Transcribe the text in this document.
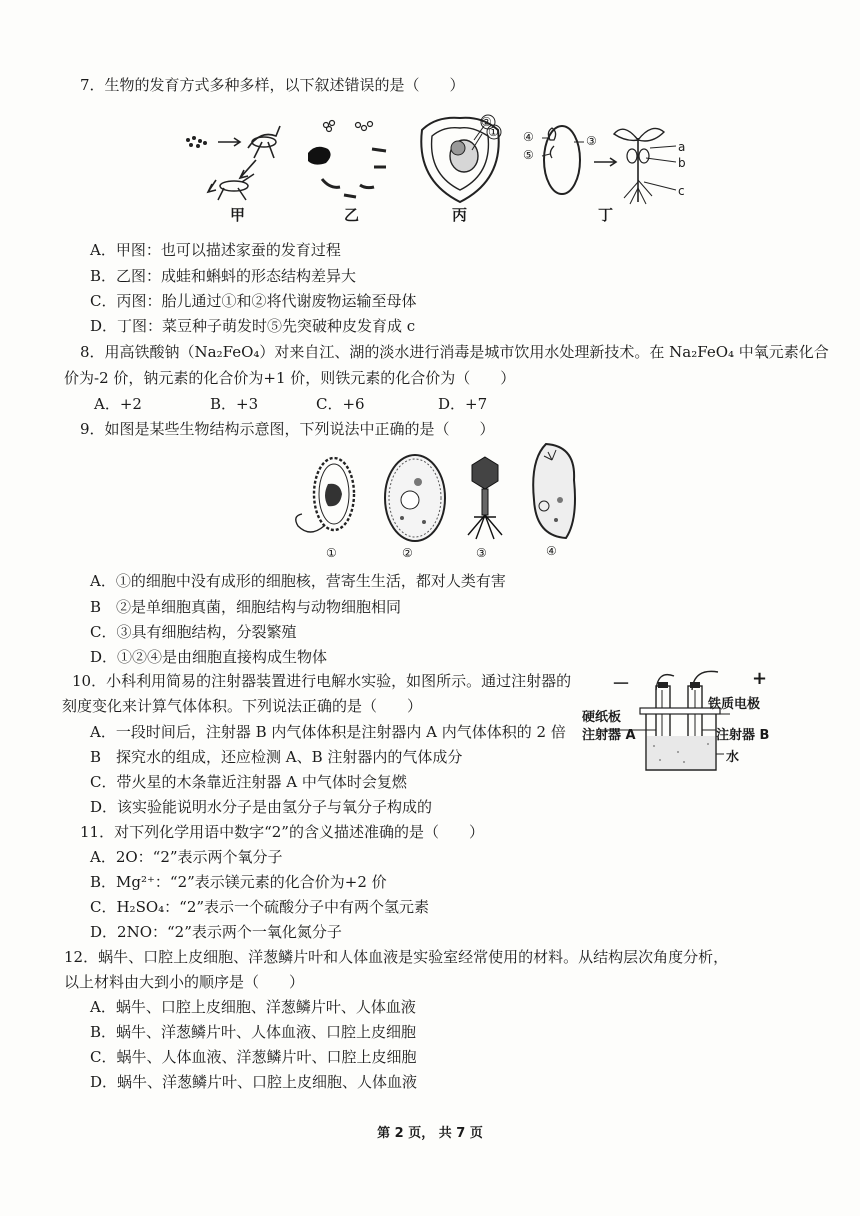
7．生物的发育方式多种多样，以下叙述错误的是（　　）
甲	乙
②
①
丙
④
⑤
③	a
b
c
丁
A．甲图：也可以描述家蚕的发育过程
B．乙图：成蛙和蝌蚪的形态结构差异大
C．丙图：胎儿通过①和②将代谢废物运输至母体
D．丁图：菜豆种子萌发时⑤先突破种皮发育成 c
8．用高铁酸钠（Na₂FeO₄）对来自江、湖的淡水进行消毒是城市饮用水处理新技术。在 Na₂FeO₄ 中氧元素化合
价为-2 价，钠元素的化合价为+1 价，则铁元素的化合价为（　　）
A．+2	B．+3	C．+6	D．+7
9．如图是某些生物结构示意图，下列说法中正确的是（　　）
①	②	③	④
A．①的细胞中没有成形的细胞核，营寄生生活，都对人类有害
B　②是单细胞真菌，细胞结构与动物细胞相同
C．③具有细胞结构，分裂繁殖
D．①②④是由细胞直接构成生物体
10．小科利用简易的注射器装置进行电解水实验，如图所示。通过注射器的
刻度变化来计算气体体积。下列说法正确的是（　　）
A．一段时间后，注射器 B 内气体体积是注射器内 A 内气体体积的 2 倍
B　探究水的组成，还应检测 A、B 注射器内的气体成分
C．带火星的木条靠近注射器 A 中气体时会复燃
D．该实验能说明水分子是由氢分子与氧分子构成的
－	+
铁质电极
硬纸板
注射器 A	注射器 B
水
11．对下列化学用语中数字“2”的含义描述准确的是（　　）
A．2O：“2”表示两个氧分子
B．Mg²⁺：“2”表示镁元素的化合价为+2 价
C．H₂SO₄：“2”表示一个硫酸分子中有两个氢元素
D．2NO：“2”表示两个一氧化氮分子
12．蜗牛、口腔上皮细胞、洋葱鳞片叶和人体血液是实验室经常使用的材料。从结构层次角度分析，
以上材料由大到小的顺序是（　　）
A．蜗牛、口腔上皮细胞、洋葱鳞片叶、人体血液
B．蜗牛、洋葱鳞片叶、人体血液、口腔上皮细胞
C．蜗牛、人体血液、洋葱鳞片叶、口腔上皮细胞
D．蜗牛、洋葱鳞片叶、口腔上皮细胞、人体血液
第 2 页， 共 7 页
